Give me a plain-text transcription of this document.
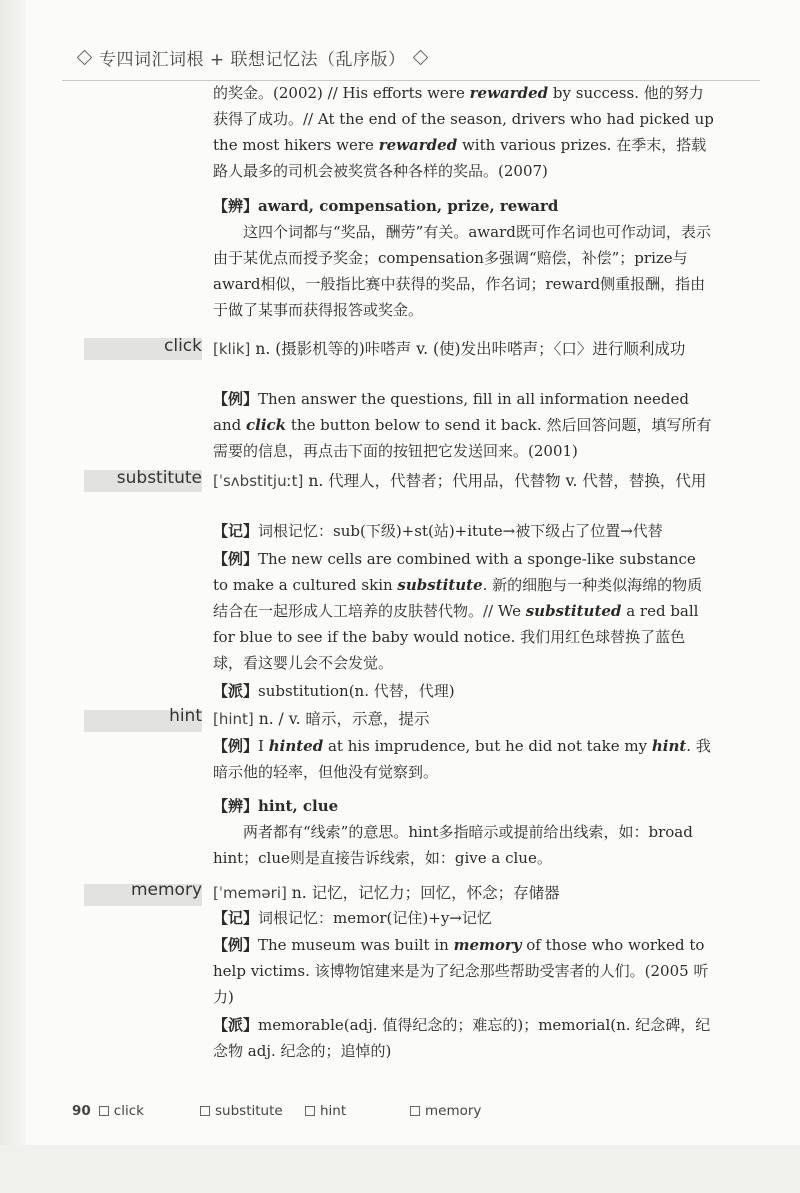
专四词汇词根 + 联想记忆法（乱序版）
的奖金。(2002) // His efforts were rewarded by success. 他的努力获得了成功。// At the end of the season, drivers who had picked up the most hikers were rewarded with various prizes. 在季末，搭载路人最多的司机会被奖赏各种各样的奖品。(2007)
【辨】award, compensation, prize, reward
这四个词都与“奖品，酬劳”有关。award既可作名词也可作动词，表示由于某优点而授予奖金；compensation多强调“赔偿，补偿”；prize与award相似，一般指比赛中获得的奖品，作名词；reward侧重报酬，指由于做了某事而获得报答或奖金。
click [klik] n. (摄影机等的)咔嗒声 v. (使)发出咔嗒声；〈口〉进行顺利成功
【例】Then answer the questions, fill in all information needed and click the button below to send it back. 然后回答问题，填写所有需要的信息，再点击下面的按钮把它发送回来。(2001)
substitute [ˈsʌbstitjuːt] n. 代理人，代替者；代用品，代替物 v. 代替，替换，代用
【记】词根记忆：sub(下级)+st(站)+itute→被下级占了位置→代替
【例】The new cells are combined with a sponge-like substance to make a cultured skin substitute. 新的细胞与一种类似海绵的物质结合在一起形成人工培养的皮肤替代物。// We substituted a red ball for blue to see if the baby would notice. 我们用红色球替换了蓝色球，看这婴儿会不会发觉。
【派】substitution(n. 代替，代理)
hint [hint] n. / v. 暗示，示意，提示
【例】I hinted at his imprudence, but he did not take my hint. 我暗示他的轻率，但他没有觉察到。
【辨】hint, clue
两者都有“线索”的意思。hint多指暗示或提前给出线索，如：broad hint；clue则是直接告诉线索，如：give a clue。
memory [ˈmeməri] n. 记忆，记忆力；回忆，怀念；存储器
【记】词根记忆：memor(记住)+y→记忆
【例】The museum was built in memory of those who worked to help victims. 该博物馆建来是为了纪念那些帮助受害者的人们。(2005 听力)
【派】memorable(adj. 值得纪念的；难忘的)；memorial(n. 纪念碑，纪念物 adj. 纪念的；追悼的)
90 click	substitute	hint	memory
